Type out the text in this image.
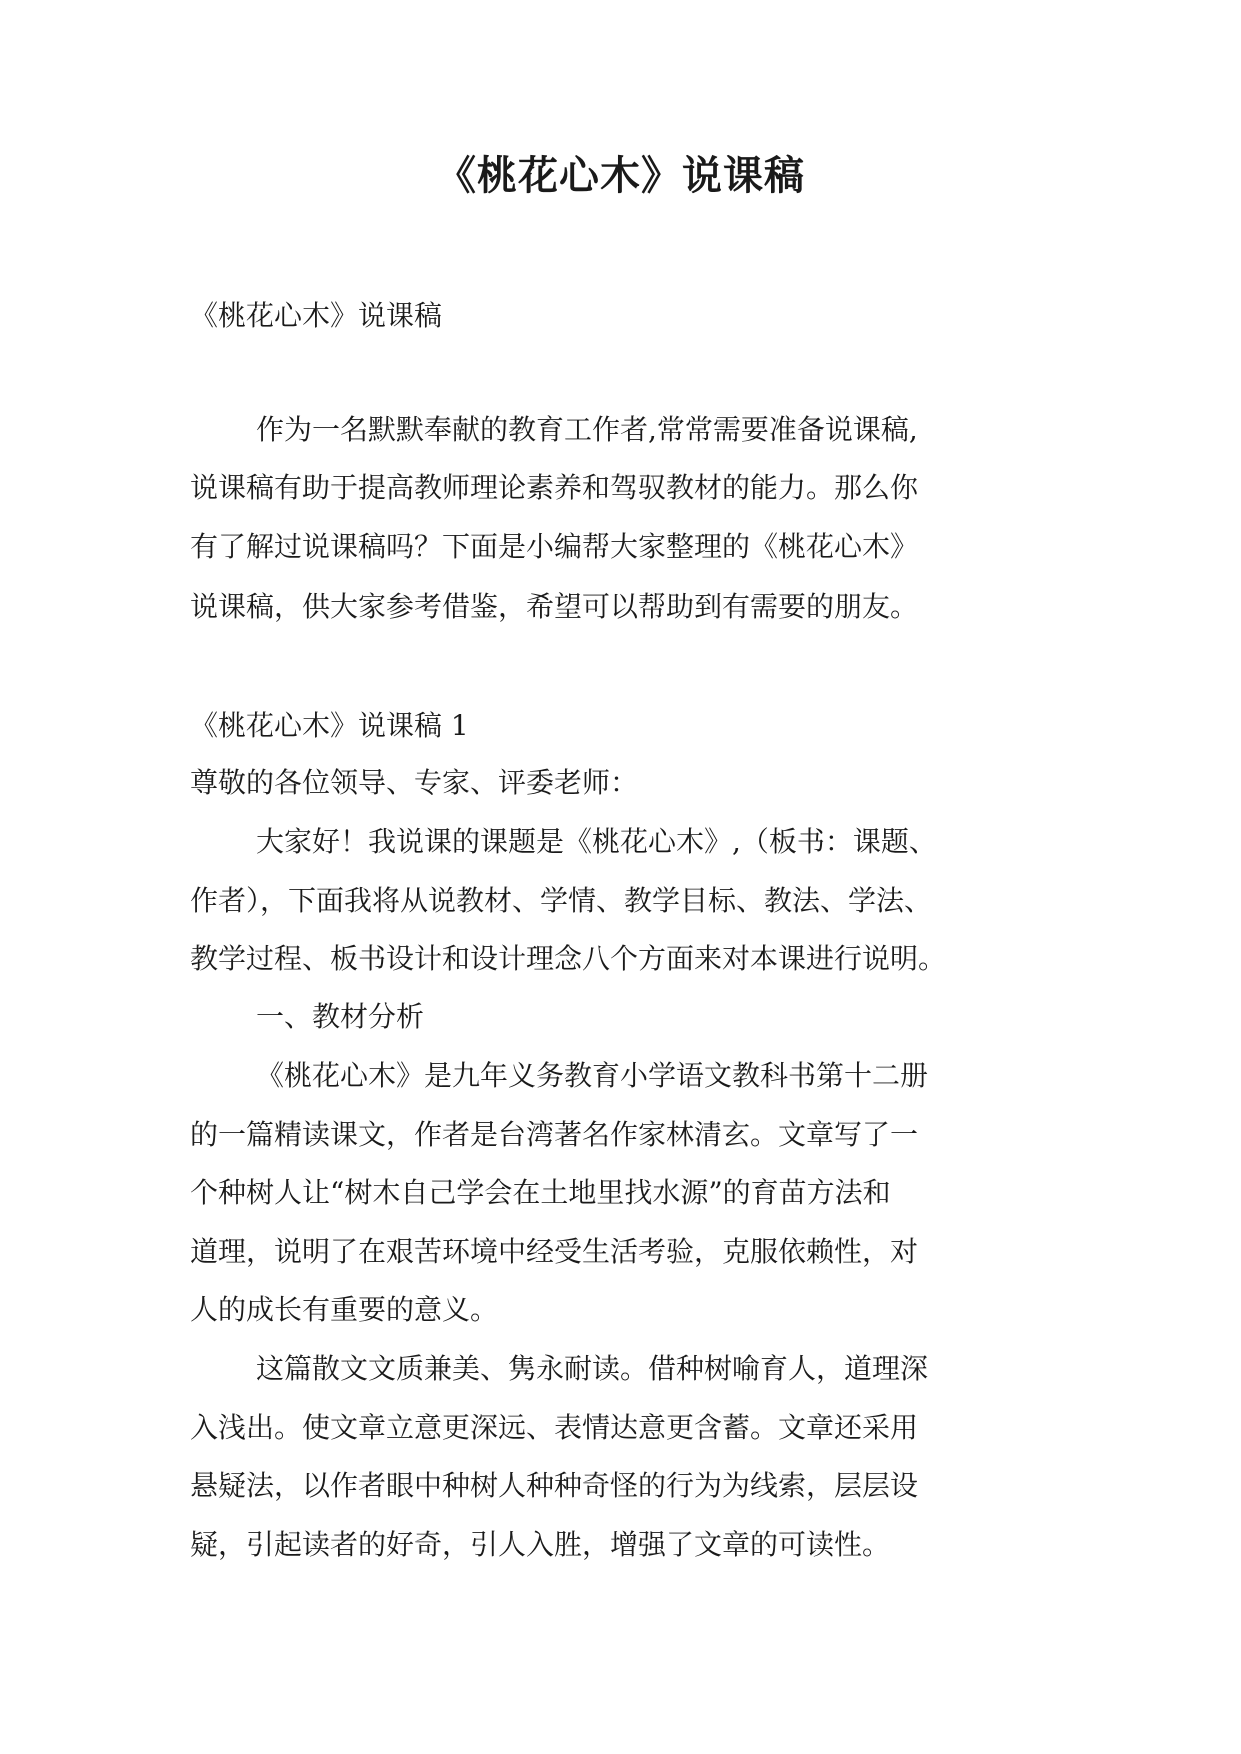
《桃花心木》说课稿
《桃花心木》说课稿
作为一名默默奉献的教育工作者,常常需要准备说课稿,
说课稿有助于提高教师理论素养和驾驭教材的能力。那么你
有了解过说课稿吗？下面是小编帮大家整理的《桃花心木》
说课稿，供大家参考借鉴，希望可以帮助到有需要的朋友。
《桃花心木》说课稿 1
尊敬的各位领导、专家、评委老师：
大家好！我说课的课题是《桃花心木》,（板书：课题、
作者），下面我将从说教材、学情、教学目标、教法、学法、
教学过程、板书设计和设计理念八个方面来对本课进行说明。
一、教材分析
《桃花心木》是九年义务教育小学语文教科书第十二册
的一篇精读课文，作者是台湾著名作家林清玄。文章写了一
个种树人让“树木自己学会在土地里找水源”的育苗方法和
道理，说明了在艰苦环境中经受生活考验，克服依赖性，对
人的成长有重要的意义。
这篇散文文质兼美、隽永耐读。借种树喻育人，道理深
入浅出。使文章立意更深远、表情达意更含蓄。文章还采用
悬疑法，以作者眼中种树人种种奇怪的行为为线索，层层设
疑，引起读者的好奇，引人入胜，增强了文章的可读性。
